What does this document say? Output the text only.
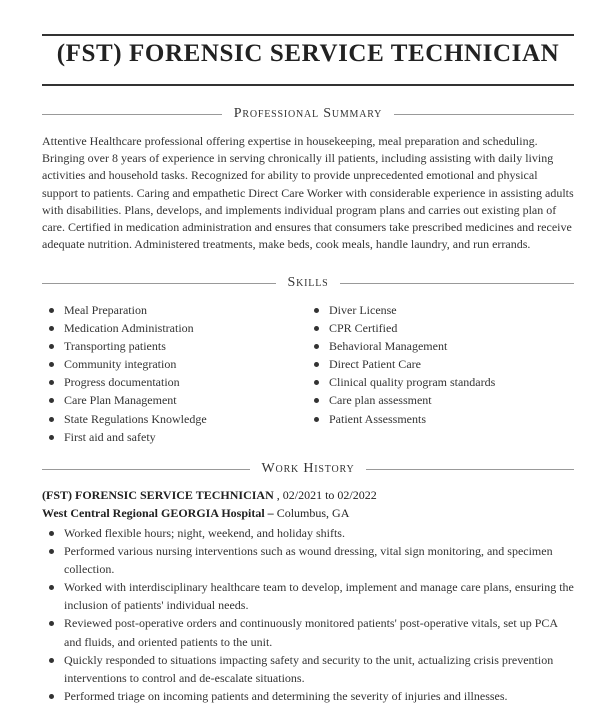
(FST) FORENSIC SERVICE TECHNICIAN
Professional Summary
Attentive Healthcare professional offering expertise in housekeeping, meal preparation and scheduling. Bringing over 8 years of experience in serving chronically ill patients, including assisting with daily living activities and household tasks. Recognized for ability to provide unprecedented emotional and physical support to patients. Caring and empathetic Direct Care Worker with considerable experience in assisting adults with disabilities. Plans, develops, and implements individual program plans and carries out existing plan of care. Certified in medication administration and ensures that consumers take prescribed medicines and receive adequate nutrition. Administered treatments, make beds, cook meals, handle laundry, and run errands.
Skills
Meal Preparation
Medication Administration
Transporting patients
Community integration
Progress documentation
Care Plan Management
State Regulations Knowledge
First aid and safety
Diver License
CPR Certified
Behavioral Management
Direct Patient Care
Clinical quality program standards
Care plan assessment
Patient Assessments
Work History
(FST) FORENSIC SERVICE TECHNICIAN , 02/2021 to 02/2022
West Central Regional GEORGIA Hospital – Columbus, GA
Worked flexible hours; night, weekend, and holiday shifts.
Performed various nursing interventions such as wound dressing, vital sign monitoring, and specimen collection.
Worked with interdisciplinary healthcare team to develop, implement and manage care plans, ensuring the inclusion of patients' individual needs.
Reviewed post-operative orders and continuously monitored patients' post-operative vitals, set up PCA and fluids, and oriented patients to the unit.
Quickly responded to situations impacting safety and security to the unit, actualizing crisis prevention interventions to control and de-escalate situations.
Performed triage on incoming patients and determining the severity of injuries and illnesses.
